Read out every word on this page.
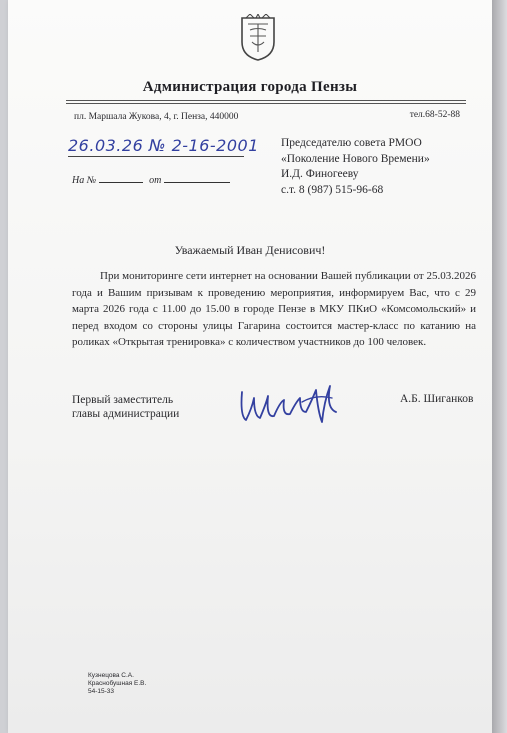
Администрация города Пензы
пл. Маршала Жукова, 4, г. Пенза, 440000	тел.68-52-88
26.03.26 № 2-16-2001
На №	от
Председателю совета РМОО
«Поколение Нового Времени»
И.Д. Финогееву
с.т. 8 (987) 515-96-68
Уважаемый Иван Денисович!
При мониторинге сети интернет на основании Вашей публикации от 25.03.2026 года и Вашим призывам к проведению мероприятия, информируем Вас, что с 29 марта 2026 года с 11.00 до 15.00 в городе Пензе в МКУ ПКиО «Комсомольский» и перед входом со стороны улицы Гагарина состоится мастер-класс по катанию на роликах «Открытая тренировка» с количеством участников до 100 человек.
Первый заместитель
главы администрации
А.Б. Шиганков
Кузнецова С.А.
Краснобушная Е.В.
54-15-33
